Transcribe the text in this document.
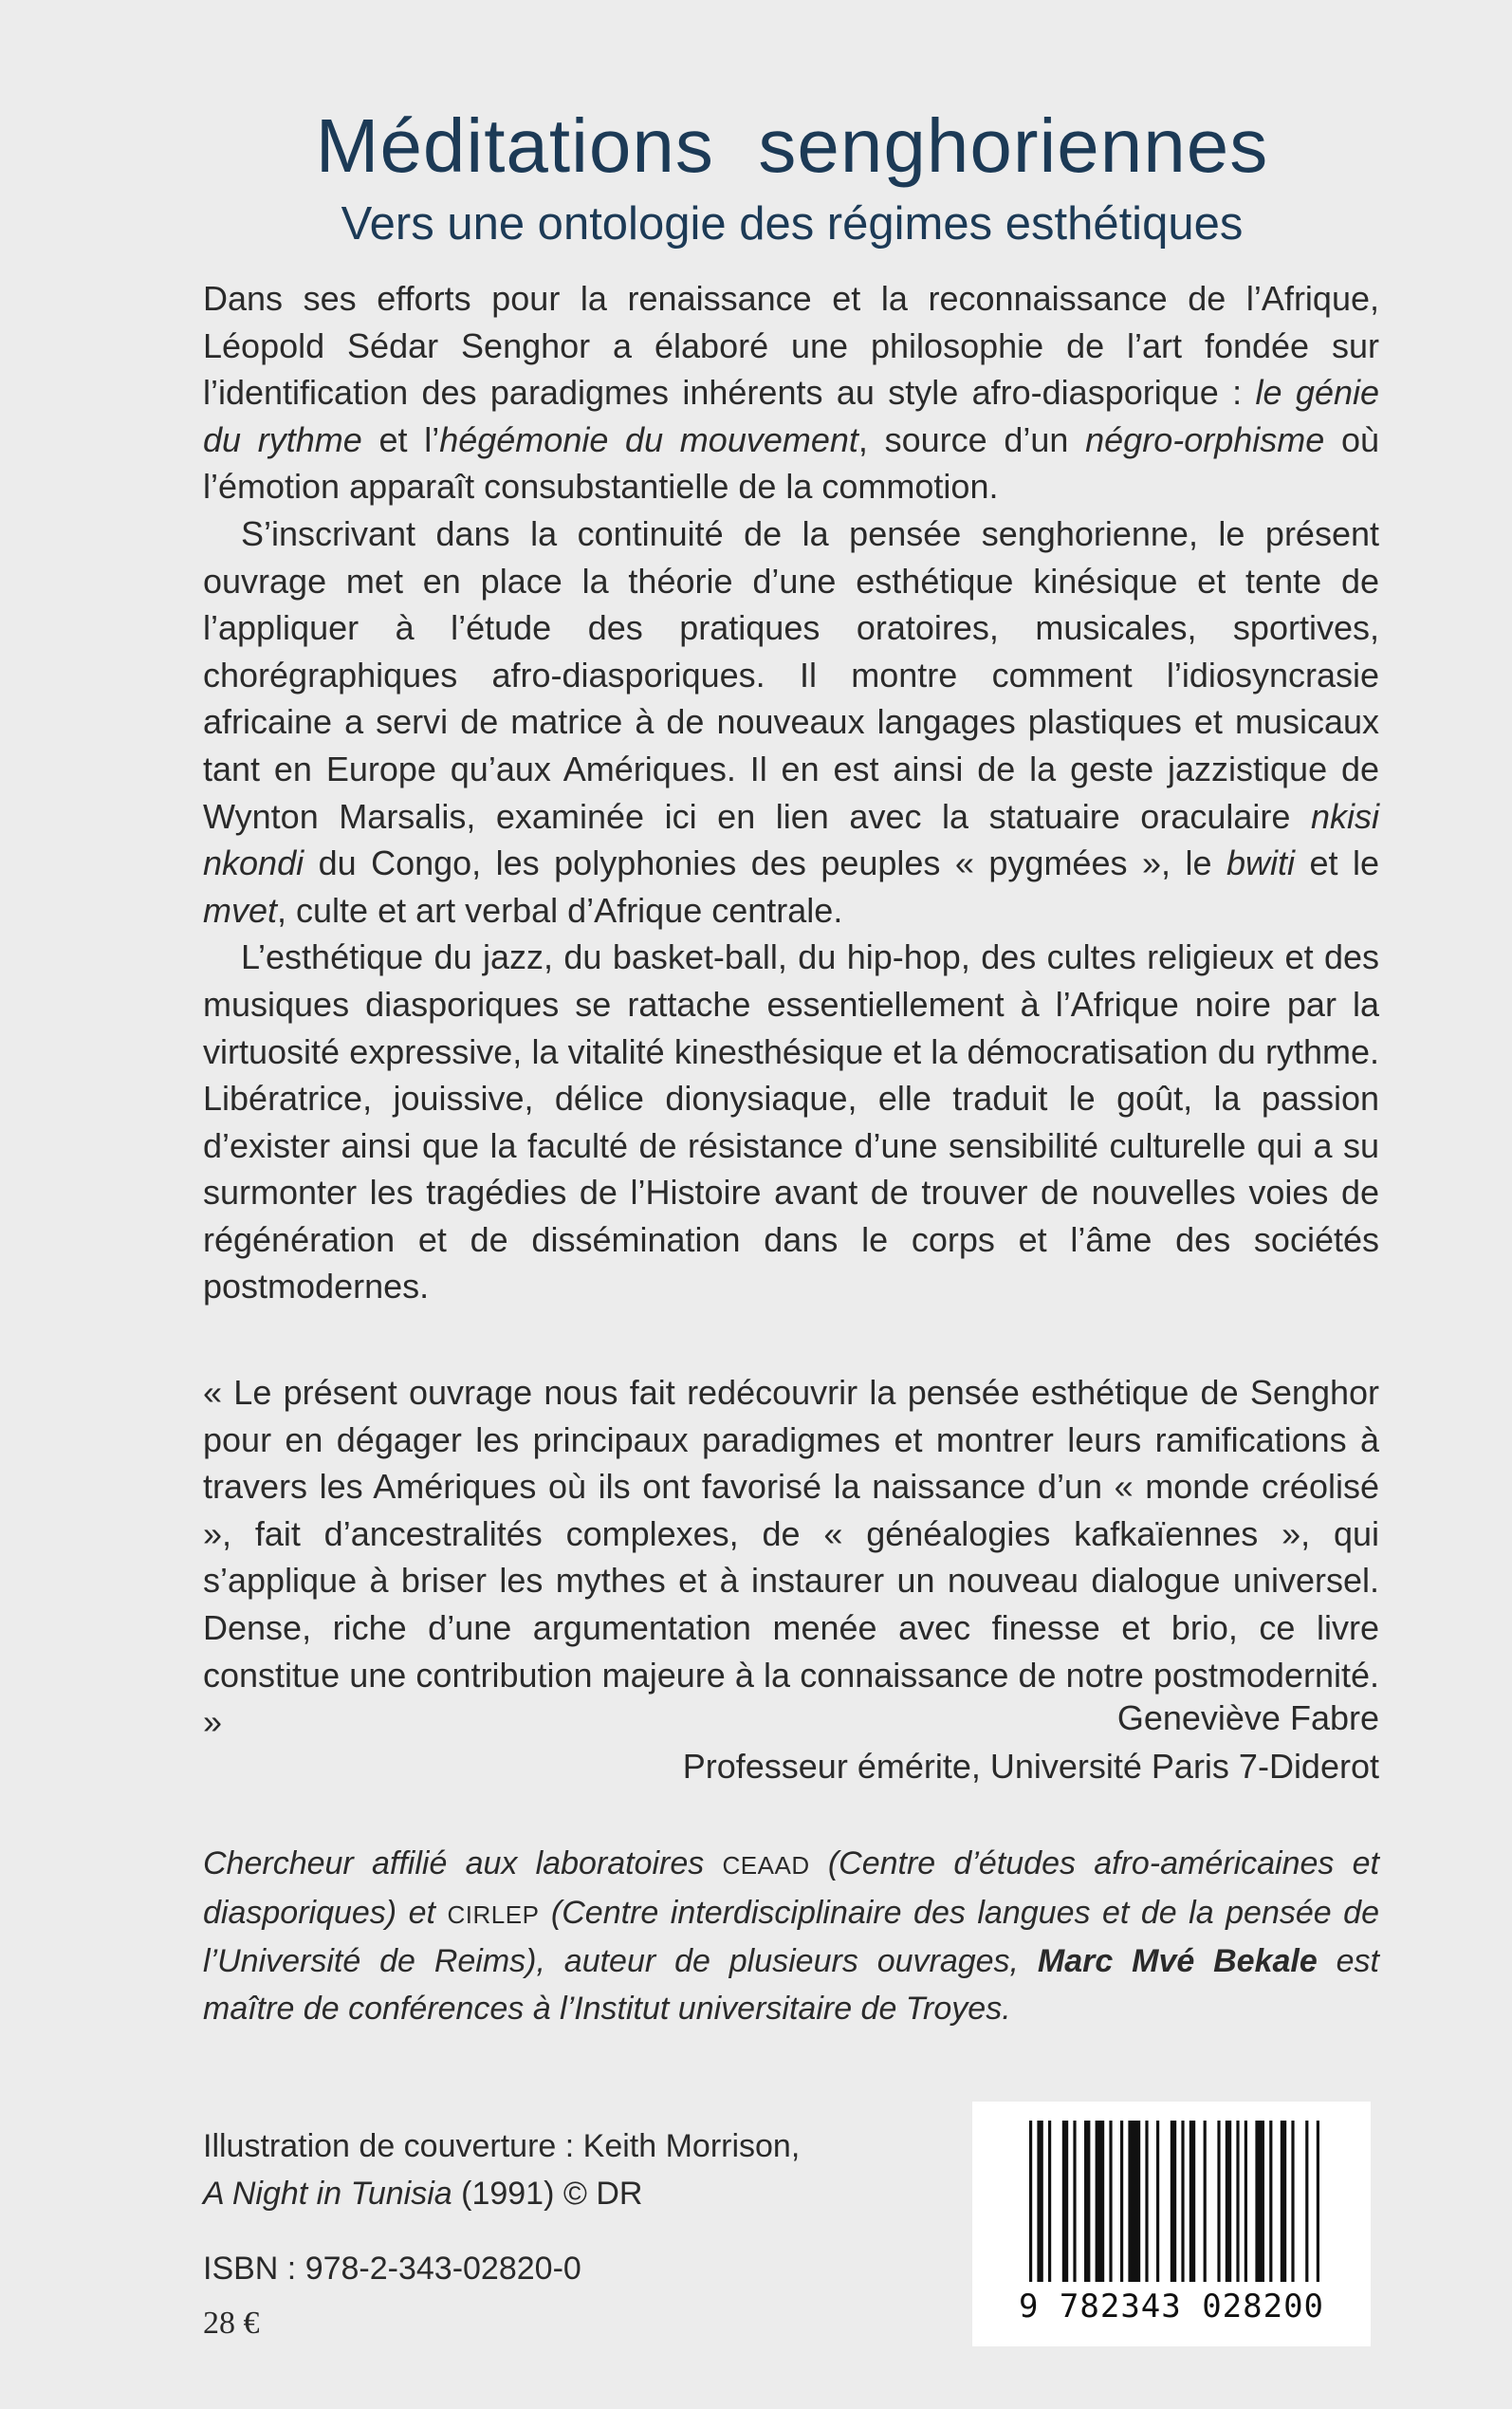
Méditations  senghoriennes
Vers une ontologie des régimes esthétiques

Dans ses efforts pour la renaissance et la reconnaissance de l’Afrique, Léopold Sédar Senghor a élaboré une philosophie de l’art fondée sur l’identification des paradigmes inhérents au style afro-diasporique : le génie du rythme et l’hégémonie du mouvement, source d’un négro-orphisme où l’émotion apparaît consubstantielle de la commotion.

S’inscrivant dans la continuité de la pensée senghorienne, le présent ouvrage met en place la théorie d’une esthétique kinésique et tente de l’appliquer à l’étude des pratiques oratoires, musicales, sportives, chorégraphiques afro-diasporiques. Il montre comment l’idiosyncrasie africaine a servi de matrice à de nouveaux langages plastiques et musicaux tant en Europe qu’aux Amériques. Il en est ainsi de la geste jazzistique de Wynton Marsalis, examinée ici en lien avec la statuaire oraculaire nkisi nkondi du Congo, les polyphonies des peuples « pygmées », le bwiti et le mvet, culte et art verbal d’Afrique centrale.

L’esthétique du jazz, du basket-ball, du hip-hop, des cultes religieux et des musiques diasporiques se rattache essentiellement à l’Afrique noire par la virtuosité expressive, la vitalité kinesthésique et la démocratisation du rythme. Libératrice, jouissive, délice dionysiaque, elle traduit le goût, la passion d’exister ainsi que la faculté de résistance d’une sensibilité culturelle qui a su surmonter les tragédies de l’Histoire avant de trouver de nouvelles voies de régénération et de dissémination dans le corps et l’âme des sociétés postmodernes.

« Le présent ouvrage nous fait redécouvrir la pensée esthétique de Senghor pour en dégager les principaux paradigmes et montrer leurs ramifications à travers les Amériques où ils ont favorisé la naissance d’un « monde créolisé », fait d’ancestralités complexes, de « généalogies kafkaïennes », qui s’applique à briser les mythes et à instaurer un nouveau dialogue universel. Dense, riche d’une argumentation menée avec finesse et brio, ce livre constitue une contribution majeure à la connaissance de notre postmodernité. »	Geneviève Fabre
Professeur émérite, Université Paris 7-Diderot
Chercheur affilié aux laboratoires CEAAD (Centre d’études afro-américaines et diasporiques) et CIRLEP (Centre interdisciplinaire des langues et de la pensée de l’Université de Reims), auteur de plusieurs ouvrages, Marc Mvé Bekale est maître de conférences à l’Institut universitaire de Troyes.
Illustration de couverture : Keith Morrison,
A Night in Tunisia (1991) © DR
ISBN : 978-2-343-02820-0
28 €	9 782343 028200
